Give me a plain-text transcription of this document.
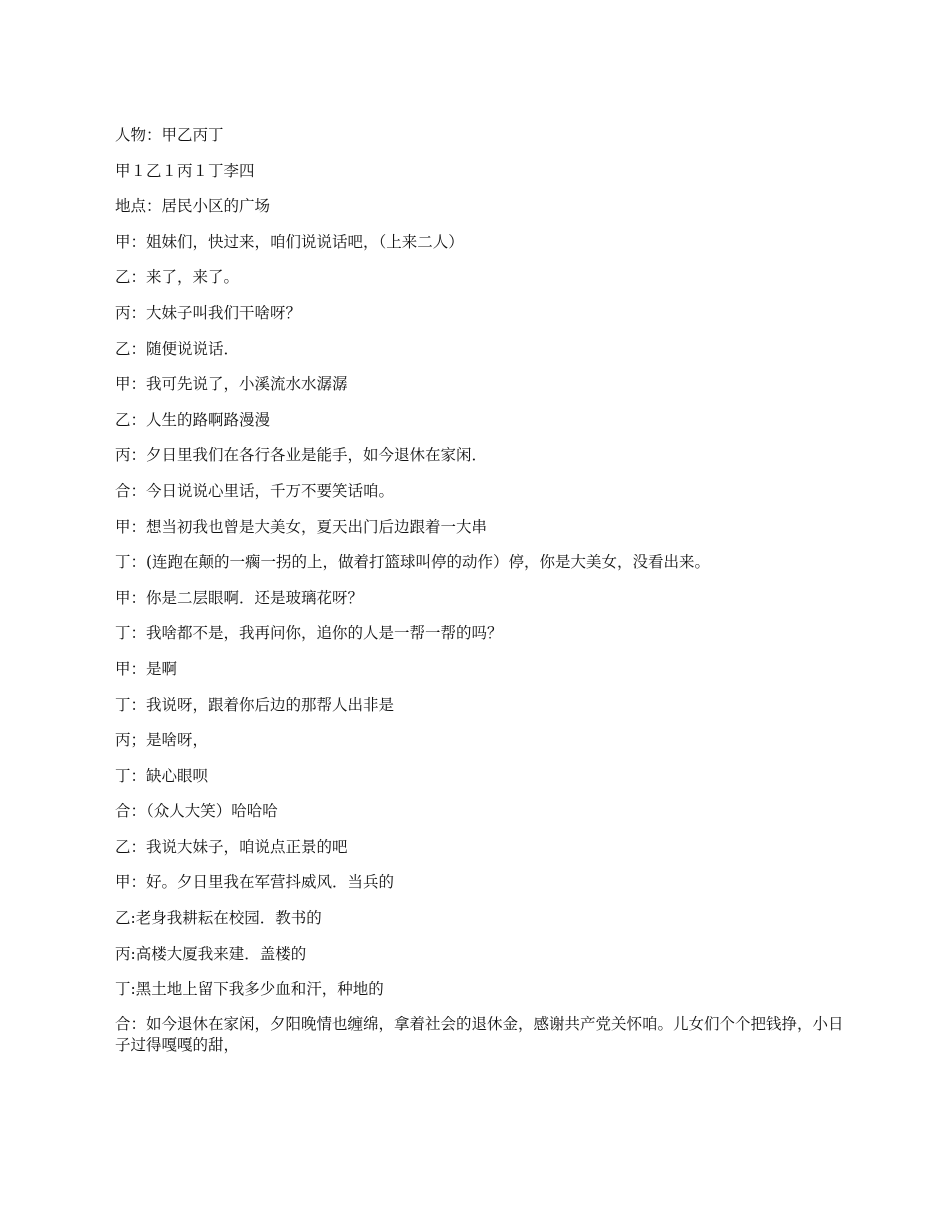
人物：甲乙丙丁
甲１乙１丙１丁李四
地点：居民小区的广场
甲：姐妹们，快过来，咱们说说话吧，（上来二人）
乙：来了，来了。
丙：大妹子叫我们干啥呀？
乙：随便说说话．
甲：我可先说了，小溪流水水潺潺
乙：人生的路啊路漫漫
丙：夕日里我们在各行各业是能手，如今退休在家闲．
合：今日说说心里话，千万不要笑话咱。
甲：想当初我也曾是大美女，夏天出门后边跟着一大串
丁：(连跑在颠的一瘸一拐的上，做着打篮球叫停的动作）停，你是大美女，没看出来。
甲：你是二层眼啊．还是玻璃花呀？
丁：我啥都不是，我再问你，追你的人是一帮一帮的吗？
甲：是啊
丁：我说呀，跟着你后边的那帮人出非是
丙；是啥呀，
丁：缺心眼呗
合：（众人大笑）哈哈哈
乙：我说大妹子，咱说点正景的吧
甲：好。夕日里我在军营抖威风．当兵的
乙:老身我耕耘在校园．教书的
丙:高楼大厦我来建．盖楼的
丁:黑土地上留下我多少血和汗，种地的
合：如今退休在家闲，夕阳晚情也缠绵，拿着社会的退休金，感谢共产党关怀咱。儿女们个个把钱挣，小日子过得嘎嘎的甜，
